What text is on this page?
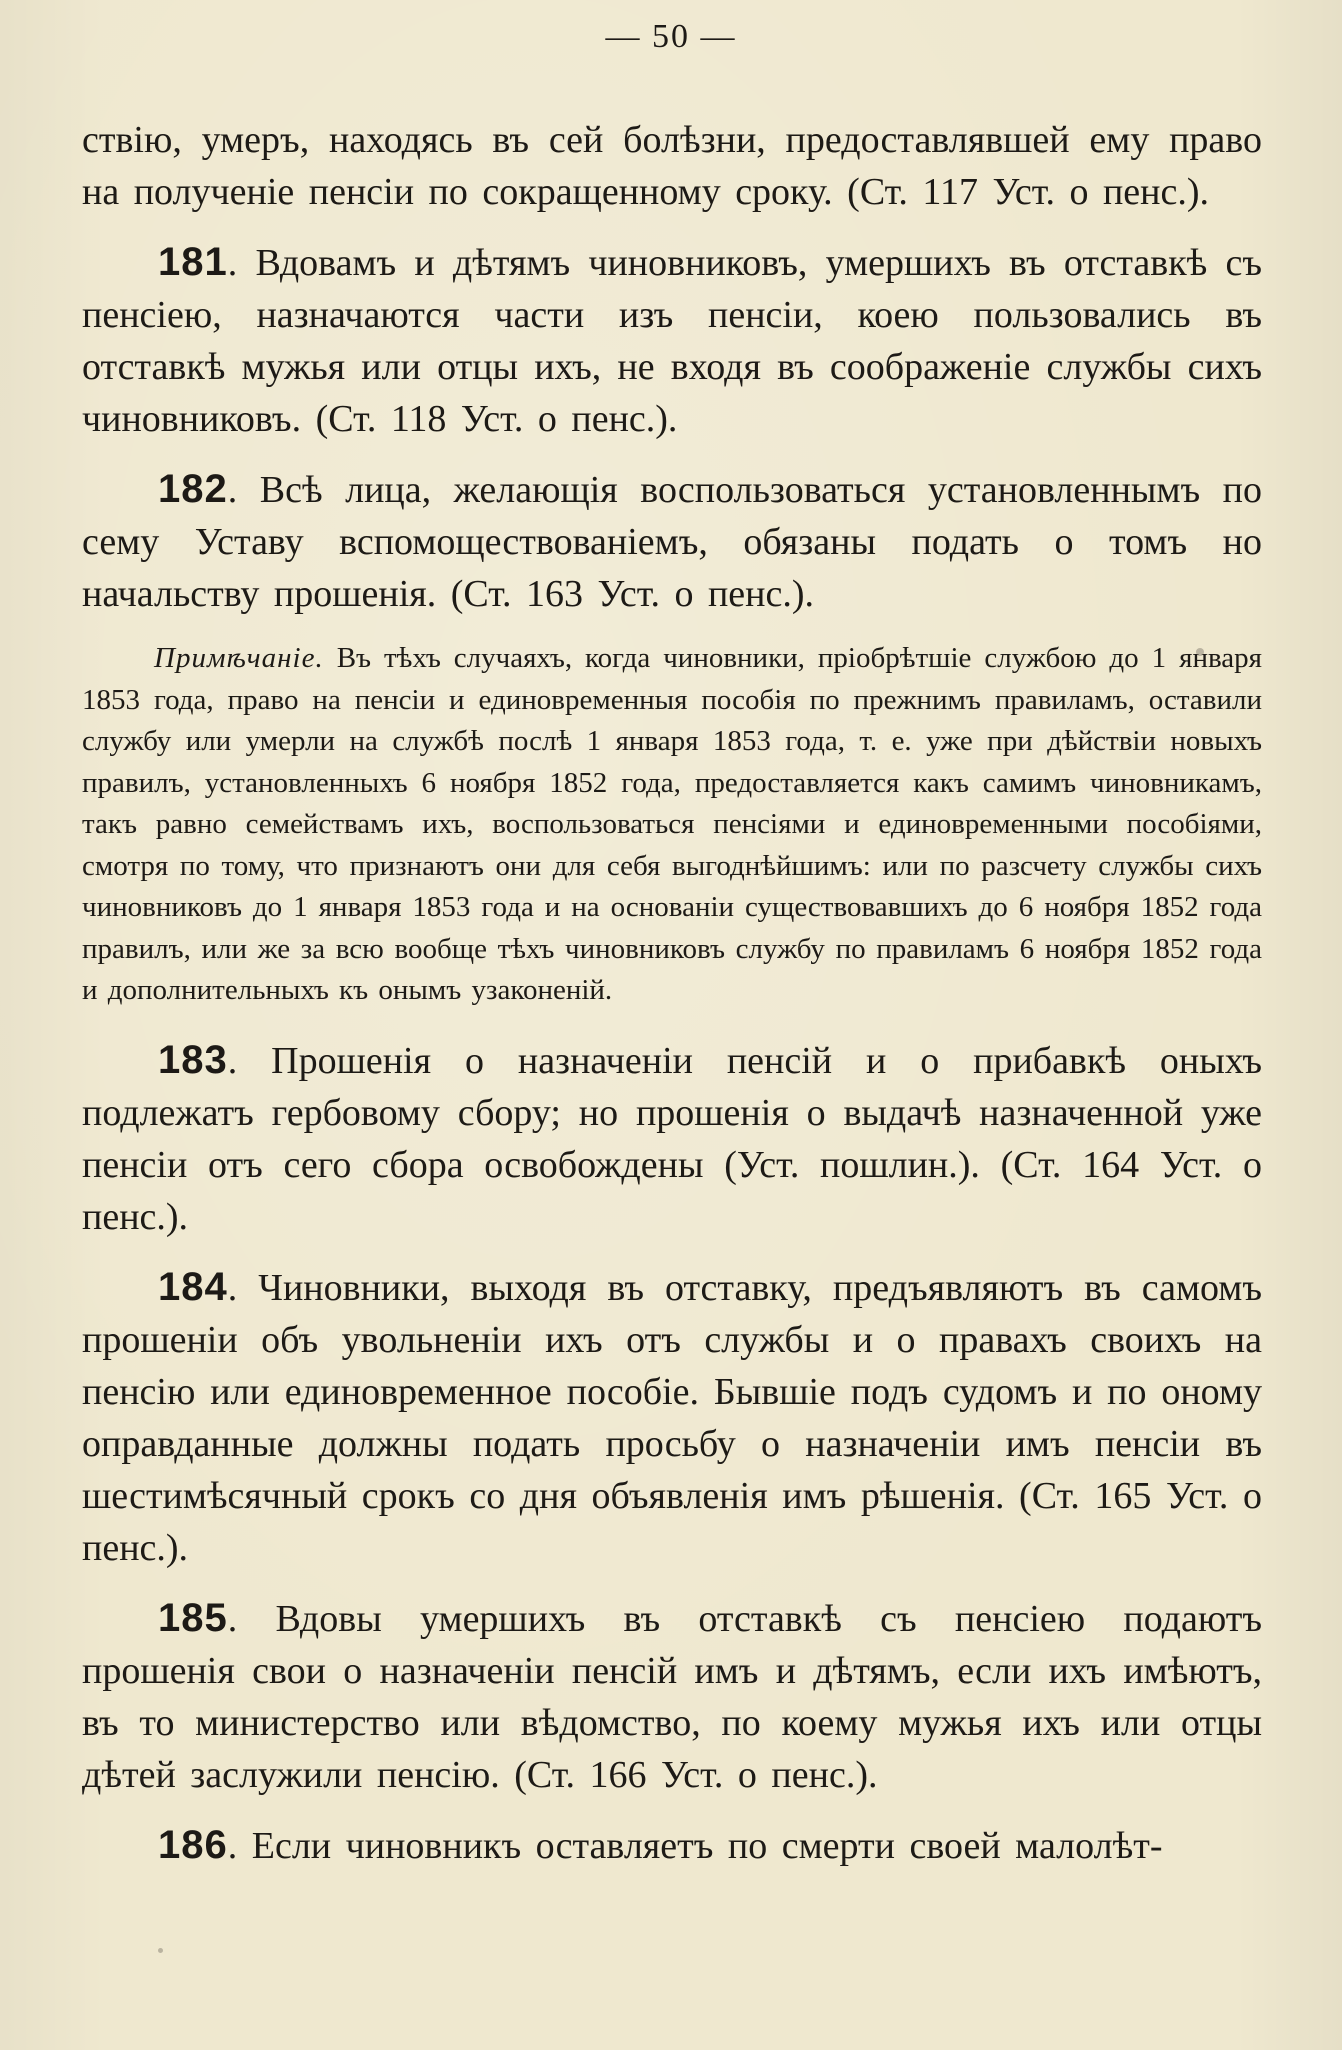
— 50 —

ствію, умеръ, находясь въ сей болѣзни, предоставлявшей ему право на полученіе пенсіи по сокращенному сроку. (Ст. 117 Уст. о пенс.).

181. Вдовамъ и дѣтямъ чиновниковъ, умершихъ въ отставкѣ съ пенсіею, назначаются части изъ пенсіи, коею пользовались въ отставкѣ мужья или отцы ихъ, не входя въ соображеніе службы сихъ чиновниковъ. (Ст. 118 Уст. о пенс.).

182. Всѣ лица, желающія воспользоваться установленнымъ по сему Уставу вспомоществованіемъ, обязаны подать о томъ но начальству прошенія. (Ст. 163 Уст. о пенс.).

Примѣчаніе. Въ тѣхъ случаяхъ, когда чиновники, пріобрѣтшіе службою до 1 января 1853 года, право на пенсіи и единовременныя пособія по прежнимъ правиламъ, оставили службу или умерли на службѣ послѣ 1 января 1853 года, т. е. уже при дѣйствіи новыхъ правилъ, установленныхъ 6 ноября 1852 года, предоставляется какъ самимъ чиновникамъ, такъ равно семействамъ ихъ, воспользоваться пенсіями и единовременными пособіями, смотря по тому, что признаютъ они для себя выгоднѣйшимъ: или по разсчету службы сихъ чиновниковъ до 1 января 1853 года и на основаніи существовавшихъ до 6 ноября 1852 года правилъ, или же за всю вообще тѣхъ чиновниковъ службу по правиламъ 6 ноября 1852 года и дополнительныхъ къ онымъ узаконеній.

183. Прошенія о назначеніи пенсій и о прибавкѣ оныхъ подлежатъ гербовому сбору; но прошенія о выдачѣ назначенной уже пенсіи отъ сего сбора освобождены (Уст. пошлин.). (Ст. 164 Уст. о пенс.).

184. Чиновники, выходя въ отставку, предъявляютъ въ самомъ прошеніи объ увольненіи ихъ отъ службы и о правахъ своихъ на пенсію или единовременное пособіе. Бывшіе подъ судомъ и по оному оправданные должны подать просьбу о назначеніи имъ пенсіи въ шестимѣсячный срокъ со дня объявленія имъ рѣшенія. (Ст. 165 Уст. о пенс.).

185. Вдовы умершихъ въ отставкѣ съ пенсіею подаютъ прошенія свои о назначеніи пенсій имъ и дѣтямъ, если ихъ имѣютъ, въ то министерство или вѣдомство, по коему мужья ихъ или отцы дѣтей заслужили пенсію. (Ст. 166 Уст. о пенс.).

186. Если чиновникъ оставляетъ по смерти своей малолѣт-
